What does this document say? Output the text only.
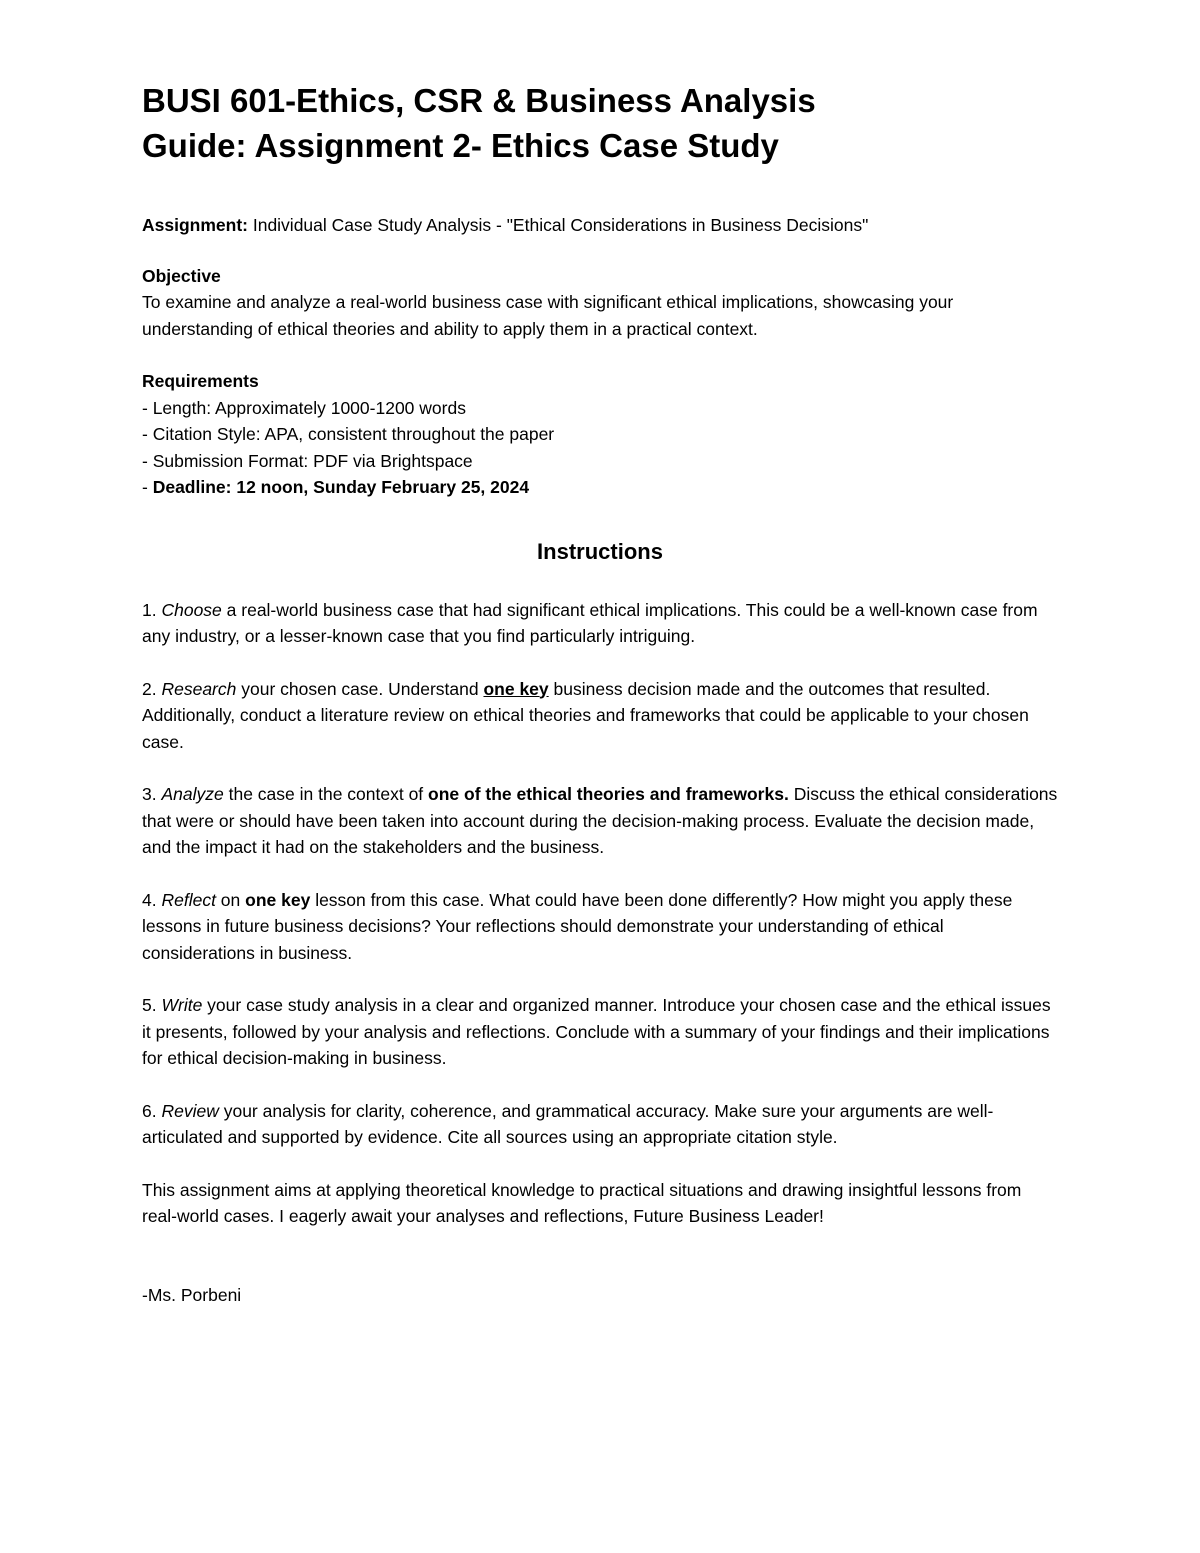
BUSI 601-Ethics, CSR & Business Analysis
Guide: Assignment 2- Ethics Case Study

Assignment: Individual Case Study Analysis - "Ethical Considerations in Business Decisions"

Objective

To examine and analyze a real-world business case with significant ethical implications, showcasing your understanding of ethical theories and ability to apply them in a practical context.

Requirements

- Length: Approximately 1000-1200 words

- Citation Style: APA, consistent throughout the paper

- Submission Format: PDF via Brightspace

- Deadline: 12 noon, Sunday February 25, 2024

Instructions

1. Choose a real-world business case that had significant ethical implications. This could be a well-known case from any industry, or a lesser-known case that you find particularly intriguing.

2. Research your chosen case. Understand one key business decision made and the outcomes that resulted. Additionally, conduct a literature review on ethical theories and frameworks that could be applicable to your chosen case.

3. Analyze the case in the context of one of the ethical theories and frameworks. Discuss the ethical considerations that were or should have been taken into account during the decision-making process. Evaluate the decision made, and the impact it had on the stakeholders and the business.

4. Reflect on one key lesson from this case. What could have been done differently? How might you apply these lessons in future business decisions? Your reflections should demonstrate your understanding of ethical considerations in business.

5. Write your case study analysis in a clear and organized manner. Introduce your chosen case and the ethical issues it presents, followed by your analysis and reflections. Conclude with a summary of your findings and their implications for ethical decision-making in business.

6. Review your analysis for clarity, coherence, and grammatical accuracy. Make sure your arguments are well-articulated and supported by evidence. Cite all sources using an appropriate citation style.

This assignment aims at applying theoretical knowledge to practical situations and drawing insightful lessons from real-world cases. I eagerly await your analyses and reflections, Future Business Leader!

-Ms. Porbeni
